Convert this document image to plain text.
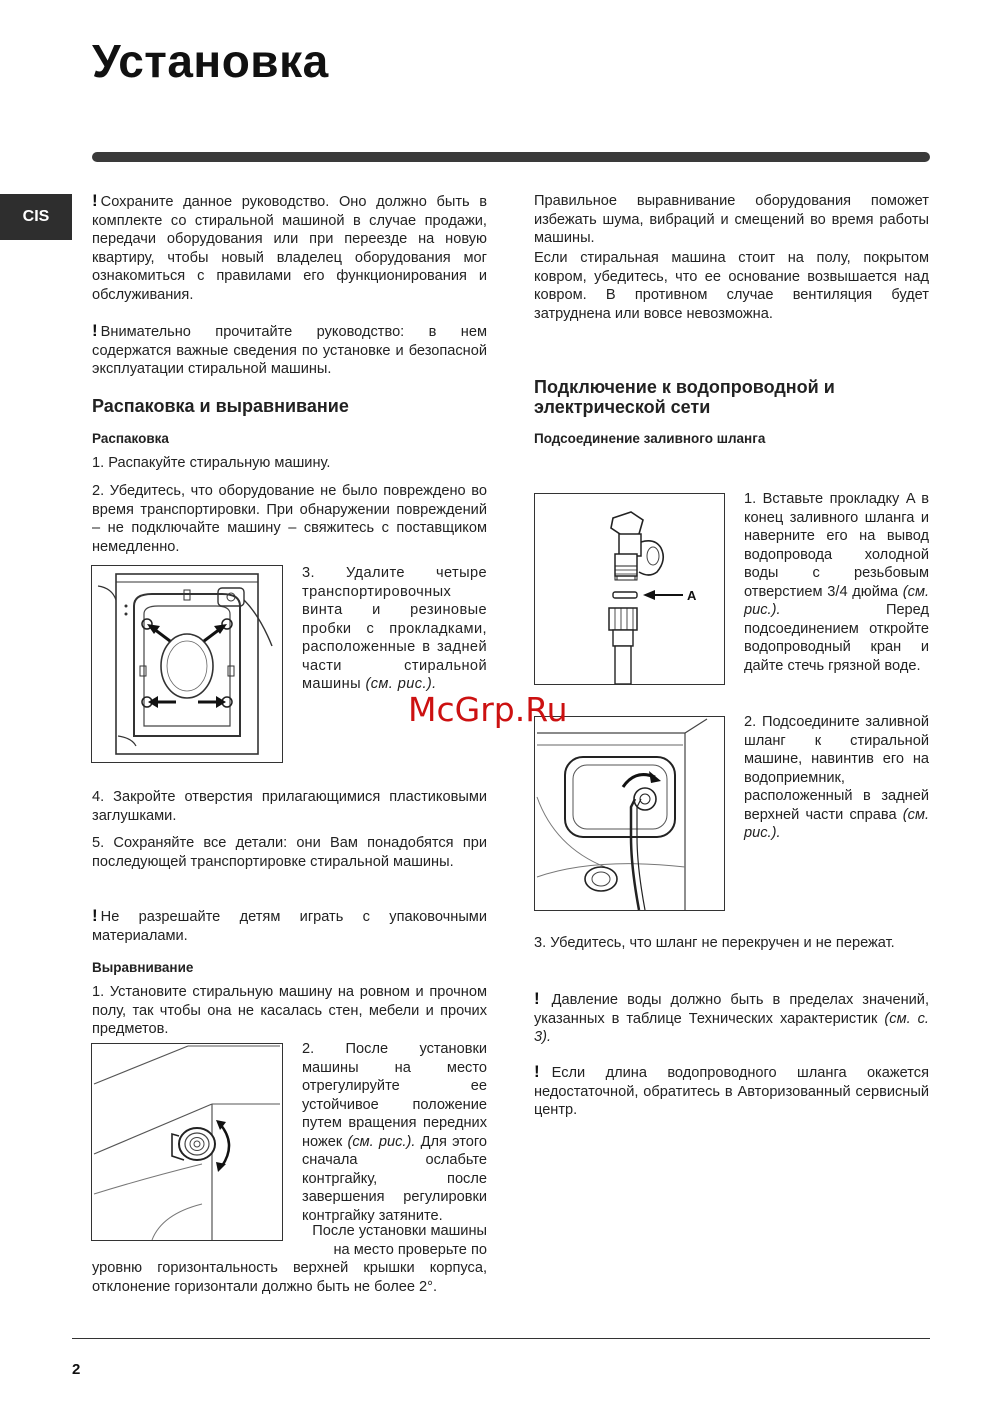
Установка
CIS

! Сохраните данное руководство. Оно должно быть в комплекте со стиральной машиной в случае продажи, передачи оборудования или при переезде на новую квартиру, чтобы новый владелец оборудования мог ознакомиться с правилами его функционирования и обслуживания.

! Внимательно прочитайте руководство: в нем содержатся важные сведения по установке и безопасной эксплуатации стиральной машины.

Распаковка и выравнивание
Распаковка

1. Распакуйте стиральную машину.

2. Убедитесь, что оборудование не было повреждено во время транспортировки. При обнаружении повреждений – не подключайте машину – свяжитесь с поставщиком немедленно.

3. Удалите четыре транспортировочных винта и резиновые пробки с прокладками, расположенные в задней части стиральной машины (см. рис.).

4. Закройте отверстия прилагающимися пластиковыми заглушками.

5. Сохраняйте все детали: они Вам понадобятся при последующей транспортировке стиральной машины.

! Не разрешайте детям играть с упаковочными материалами.

Выравнивание

1. Установите стиральную машину на ровном и прочном полу, так чтобы она не касалась стен, мебели и прочих предметов.

2. После установки машины на место отрегулируйте ее устойчивое положение путем вращения передних ножек (см. рис.). Для этого сначала ослабьте контргайку, после завершения регулировки контргайку затяните.

После установки машины на место проверьте по

уровню горизонтальность верхней крышки корпуса, отклонение горизонтали должно быть не более 2°.

Правильное выравнивание оборудования поможет избежать шума, вибраций и смещений во время работы машины.

Если стиральная машина стоит на полу, покрытом ковром, убедитесь, что ее основание возвышается над ковром. В противном случае вентиляция будет затруднена или вовсе невозможна.

Подключение к водопроводной и электрической сети
Подсоединение заливного шланга
A

1. Вставьте прокладку A в конец заливного шланга и наверните его на вывод водопровода холодной воды с резьбовым отверстием 3/4 дюйма (см. рис.).	Перед подсоединением откройте водопроводный кран и дайте стечь грязной воде.

2. Подсоедините заливной шланг к стиральной машине, навинтив его на водоприемник, расположенный в задней верхней части справа (см. рис.).

3. Убедитесь, что шланг не перекручен и не пережат.

! Давление воды должно быть в пределах значений, указанных в таблице Технических характеристик (см. с. 3).

! Если длина водопроводного шланга окажется недостаточной, обратитесь в Авторизованный сервисный центр.

McGrp.Ru
2
